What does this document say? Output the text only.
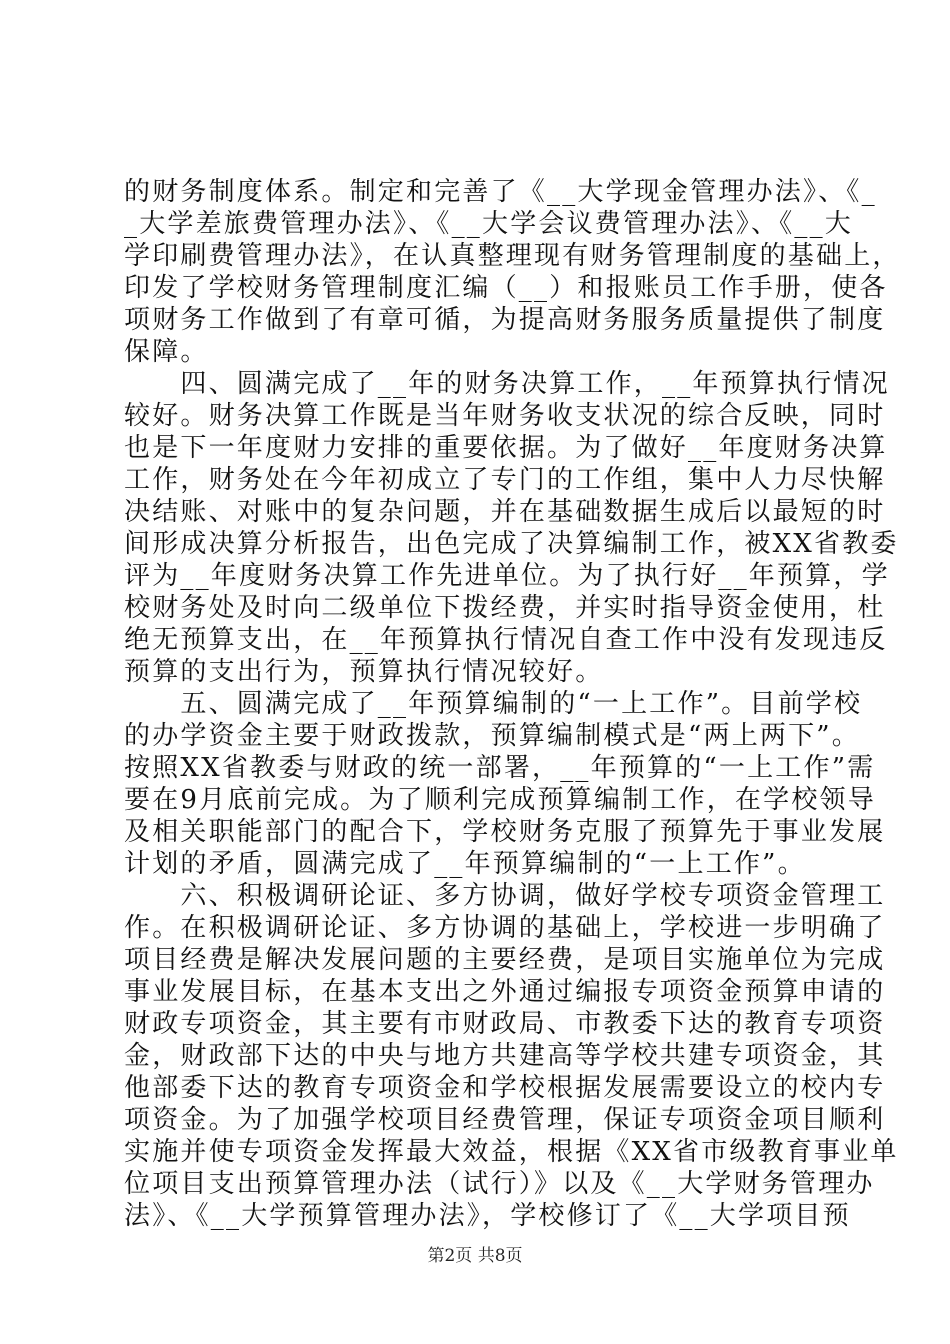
的财务制度体系。制定和完善了《__大学现金管理办法》、《_
_大学差旅费管理办法》、《__大学会议费管理办法》、《__大
学印刷费管理办法》，在认真整理现有财务管理制度的基础上，
印发了学校财务管理制度汇编（__）和报账员工作手册，使各
项财务工作做到了有章可循，为提高财务服务质量提供了制度
保障。
　　四、圆满完成了__年的财务决算工作，__年预算执行情况
较好。财务决算工作既是当年财务收支状况的综合反映，同时
也是下一年度财力安排的重要依据。为了做好__年度财务决算
工作，财务处在今年初成立了专门的工作组，集中人力尽快解
决结账、对账中的复杂问题，并在基础数据生成后以最短的时
间形成决算分析报告，出色完成了决算编制工作，被XX省教委
评为__年度财务决算工作先进单位。为了执行好__年预算，学
校财务处及时向二级单位下拨经费，并实时指导资金使用，杜
绝无预算支出，在__年预算执行情况自查工作中没有发现违反
预算的支出行为，预算执行情况较好。
　　五、圆满完成了__年预算编制的“一上工作”。目前学校
的办学资金主要于财政拨款，预算编制模式是“两上两下”。
按照XX省教委与财政的统一部署，__年预算的“一上工作”需
要在9月底前完成。为了顺利完成预算编制工作，在学校领导
及相关职能部门的配合下，学校财务克服了预算先于事业发展
计划的矛盾，圆满完成了__年预算编制的“一上工作”。
　　六、积极调研论证、多方协调，做好学校专项资金管理工
作。在积极调研论证、多方协调的基础上，学校进一步明确了
项目经费是解决发展问题的主要经费，是项目实施单位为完成
事业发展目标，在基本支出之外通过编报专项资金预算申请的
财政专项资金，其主要有市财政局、市教委下达的教育专项资
金，财政部下达的中央与地方共建高等学校共建专项资金，其
他部委下达的教育专项资金和学校根据发展需要设立的校内专
项资金。为了加强学校项目经费管理，保证专项资金项目顺利
实施并使专项资金发挥最大效益，根据《XX省市级教育事业单
位项目支出预算管理办法（试行）》以及《__大学财务管理办
法》、《__大学预算管理办法》，学校修订了《__大学项目预
第2页 共8页
